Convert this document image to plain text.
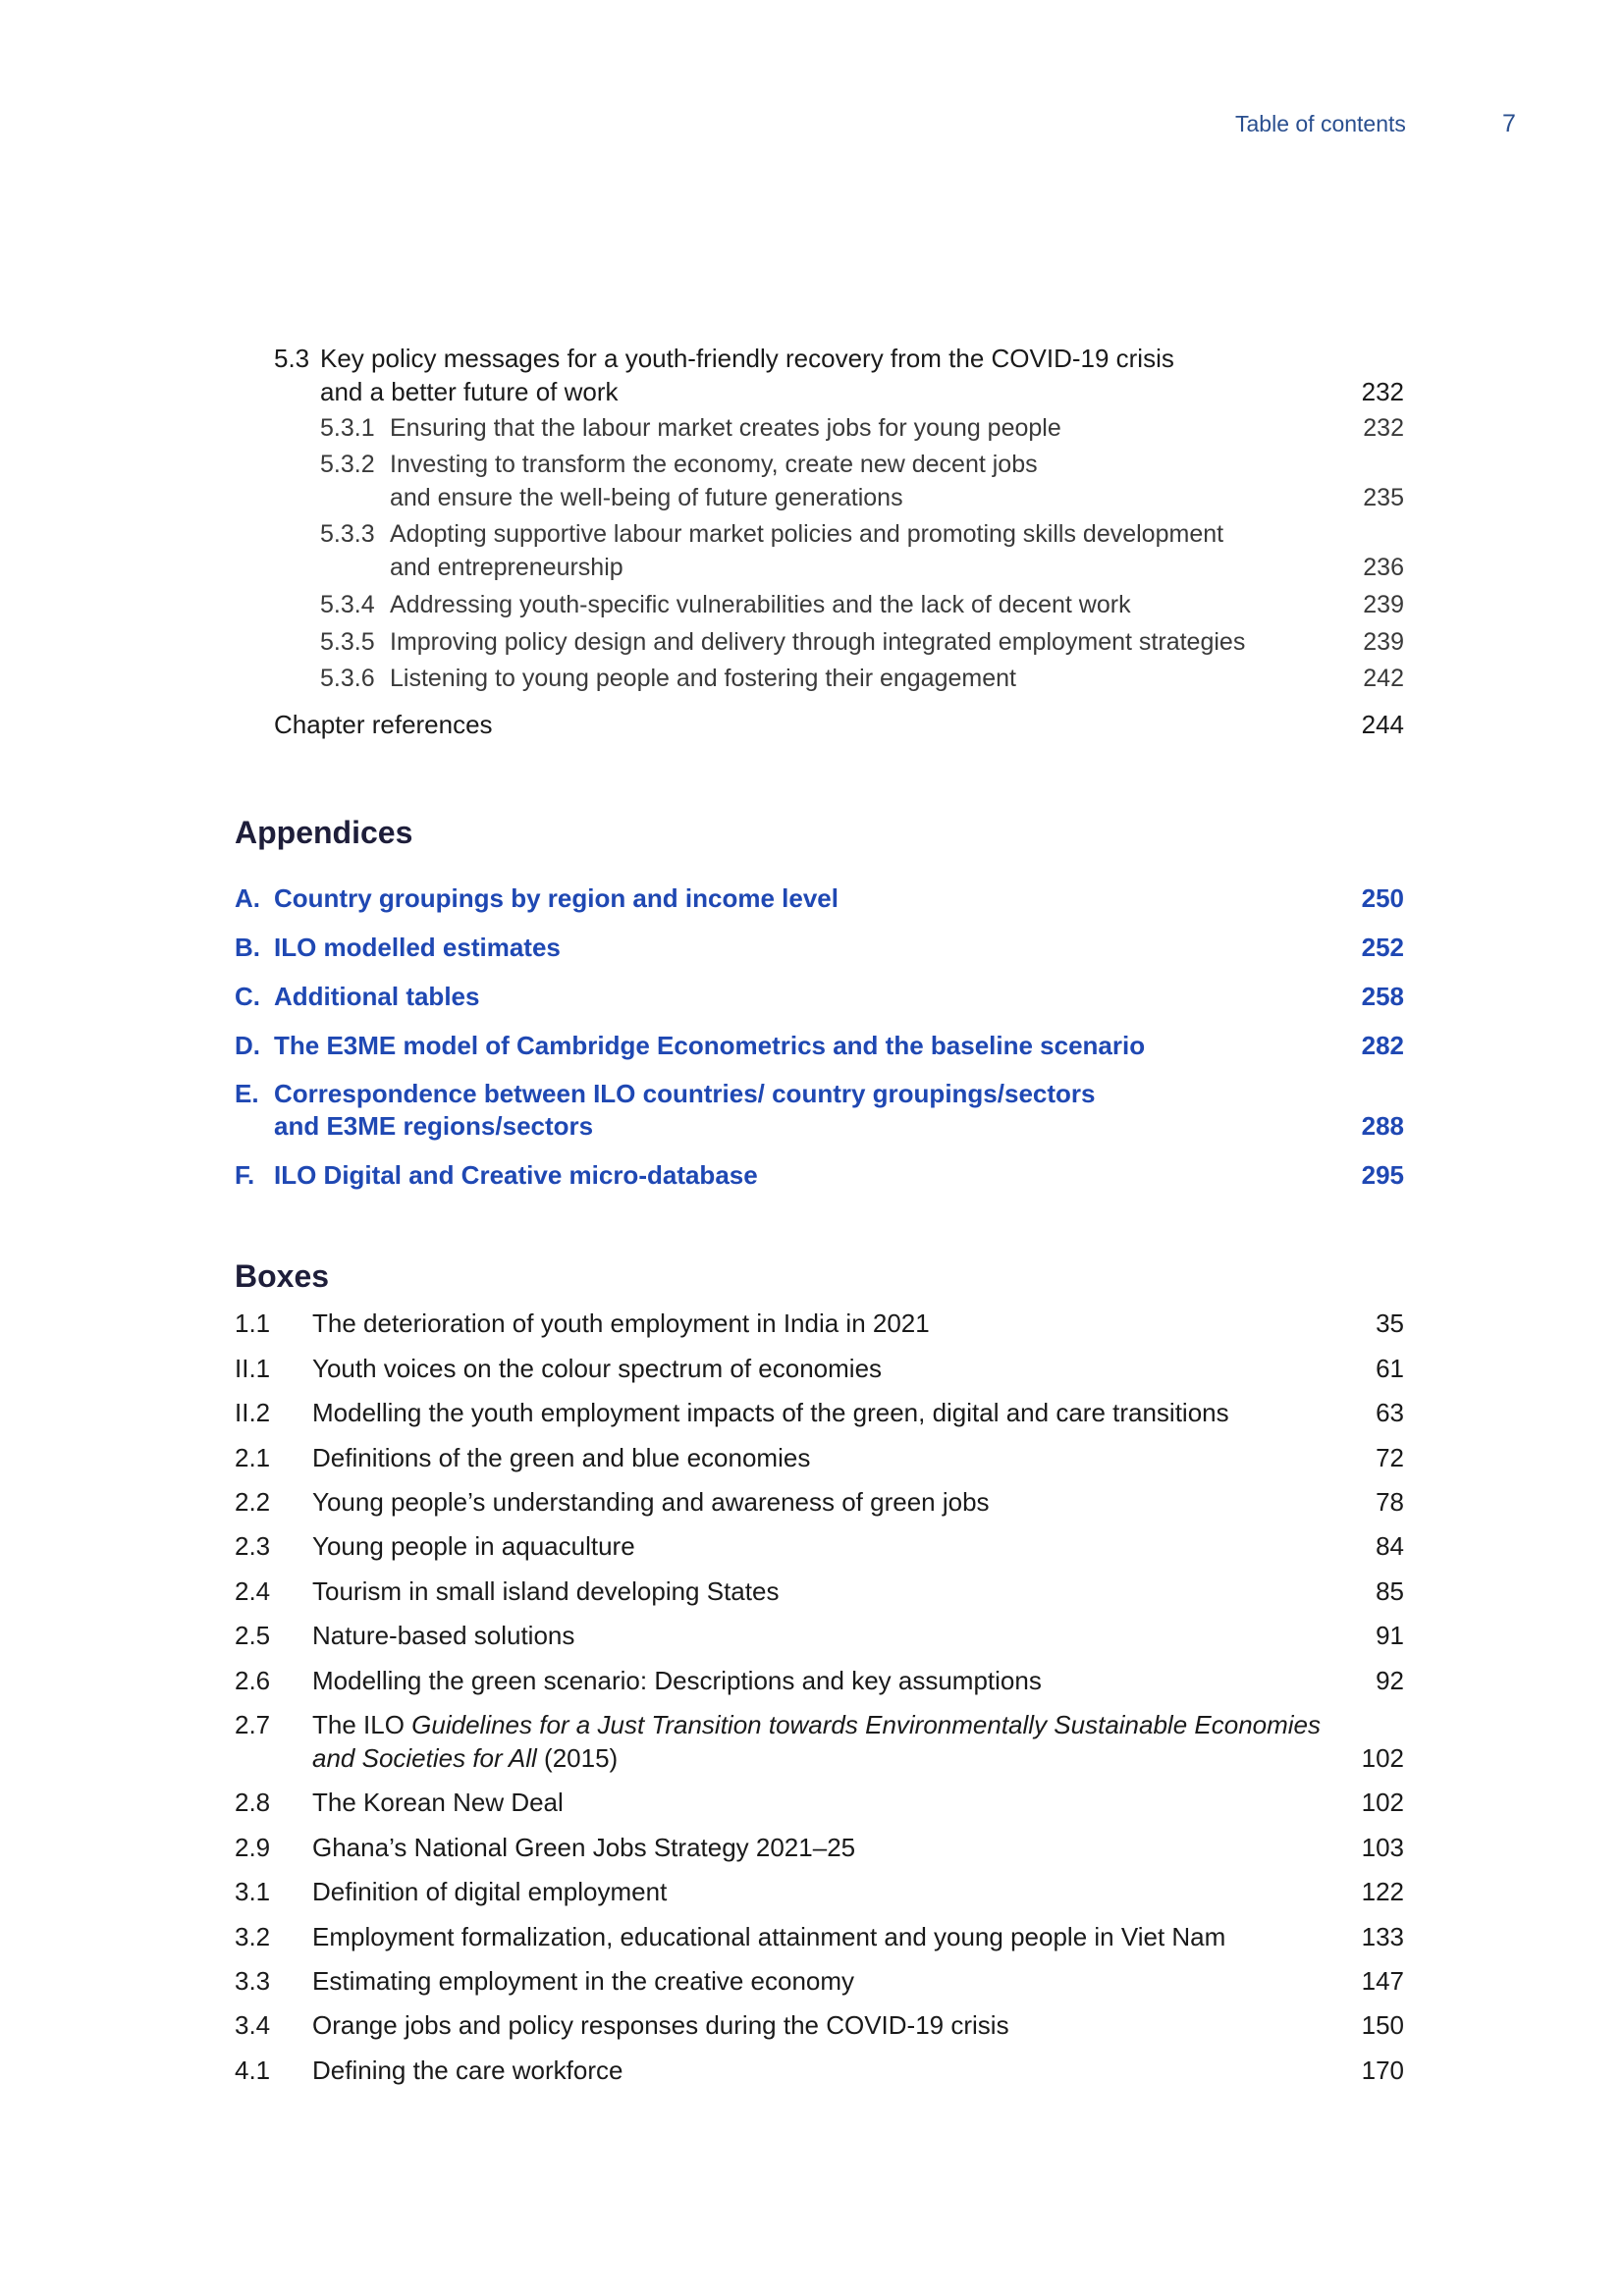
Table of contents	7
5.3 Key policy messages for a youth-friendly recovery from the COVID-19 crisis
and a better future of work	232
5.3.1 Ensuring that the labour market creates jobs for young people	232
5.3.2 Investing to transform the economy, create new decent jobs
and ensure the well-being of future generations	235
5.3.3 Adopting supportive labour market policies and promoting skills development
and entrepreneurship	236
5.3.4 Addressing youth-specific vulnerabilities and the lack of decent work	239
5.3.5 Improving policy design and delivery through integrated employment strategies	239
5.3.6 Listening to young people and fostering their engagement	242
Chapter references	244
Appendices
A. Country groupings by region and income level	250
B. ILO modelled estimates	252
C. Additional tables	258
D. The E3ME model of Cambridge Econometrics and the baseline scenario	282
E. Correspondence between ILO countries/ country groupings/sectors
and E3ME regions/sectors	288
F. ILO Digital and Creative micro-database	295
Boxes
1.1 The deterioration of youth employment in India in 2021	35
II.1 Youth voices on the colour spectrum of economies	61
II.2 Modelling the youth employment impacts of the green, digital and care transitions	63
2.1 Definitions of the green and blue economies	72
2.2 Young people’s understanding and awareness of green jobs	78
2.3 Young people in aquaculture	84
2.4 Tourism in small island developing States	85
2.5 Nature-based solutions	91
2.6 Modelling the green scenario: Descriptions and key assumptions	92
2.7 The ILO Guidelines for a Just Transition towards Environmentally Sustainable Economies
and Societies for All (2015)	102
2.8 The Korean New Deal	102
2.9 Ghana’s National Green Jobs Strategy 2021–25	103
3.1 Definition of digital employment	122
3.2 Employment formalization, educational attainment and young people in Viet Nam	133
3.3 Estimating employment in the creative economy	147
3.4 Orange jobs and policy responses during the COVID-19 crisis	150
4.1 Defining the care workforce	170
